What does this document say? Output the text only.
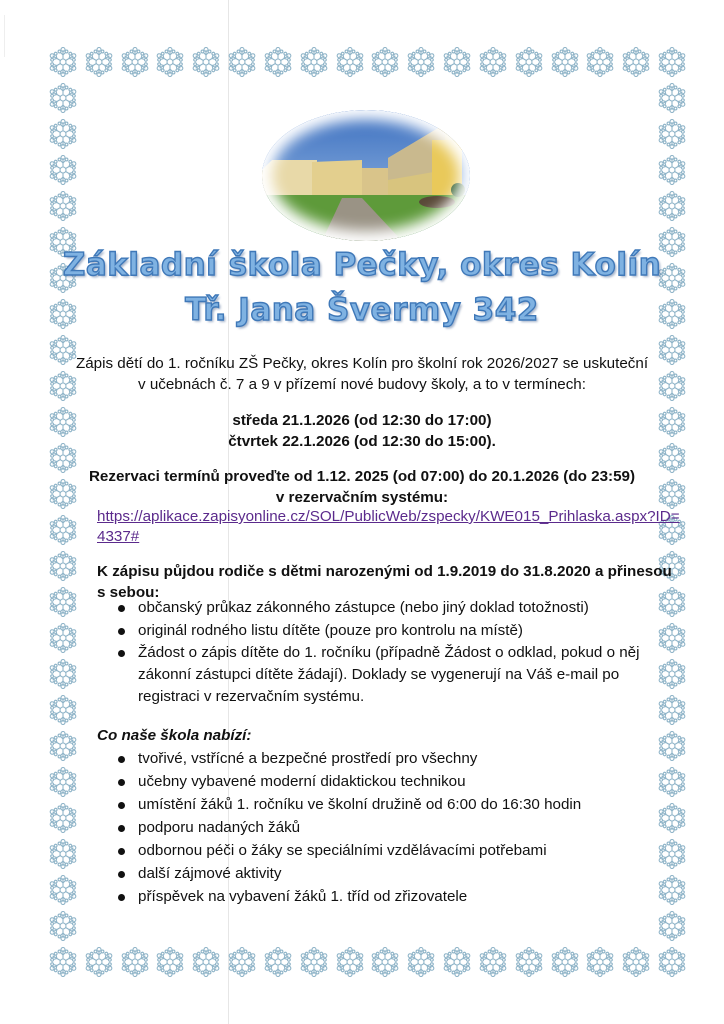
Základní škola Pečky, okres Kolín
Tř. Jana Švermy 342
Zápis dětí do 1. ročníku ZŠ Pečky, okres Kolín pro školní rok 2026/2027 se uskuteční
v učebnách č. 7 a 9 v přízemí nové budovy školy, a to v termínech:
středa 21.1.2026 (od 12:30 do 17:00)
čtvrtek 22.1.2026 (od 12:30 do 15:00).
Rezervaci termínů proveďte od 1.12. 2025 (od 07:00) do 20.1.2026 (do 23:59)
v rezervačním systému:
https://aplikace.zapisyonline.cz/SOL/PublicWeb/zspecky/KWE015_Prihlaska.aspx?ID=
4337#
K zápisu půjdou rodiče s dětmi narozenými od 1.9.2019 do 31.8.2020 a přinesou
s sebou:
občanský průkaz zákonného zástupce (nebo jiný doklad totožnosti)
originál rodného listu dítěte (pouze pro kontrolu na místě)
Žádost o zápis dítěte do 1. ročníku (případně Žádost o odklad, pokud o něj
zákonní zástupci dítěte žádají). Doklady se vygenerují na Váš e-mail po
registraci v rezervačním systému.
Co naše škola nabízí:
tvořivé, vstřícné a bezpečné prostředí pro všechny
učebny vybavené moderní didaktickou technikou
umístění žáků 1. ročníku ve školní družině od 6:00 do 16:30 hodin
podporu nadaných žáků
odbornou péči o žáky se speciálními vzdělávacími potřebami
další zájmové aktivity
příspěvek na vybavení žáků 1. tříd od zřizovatele
